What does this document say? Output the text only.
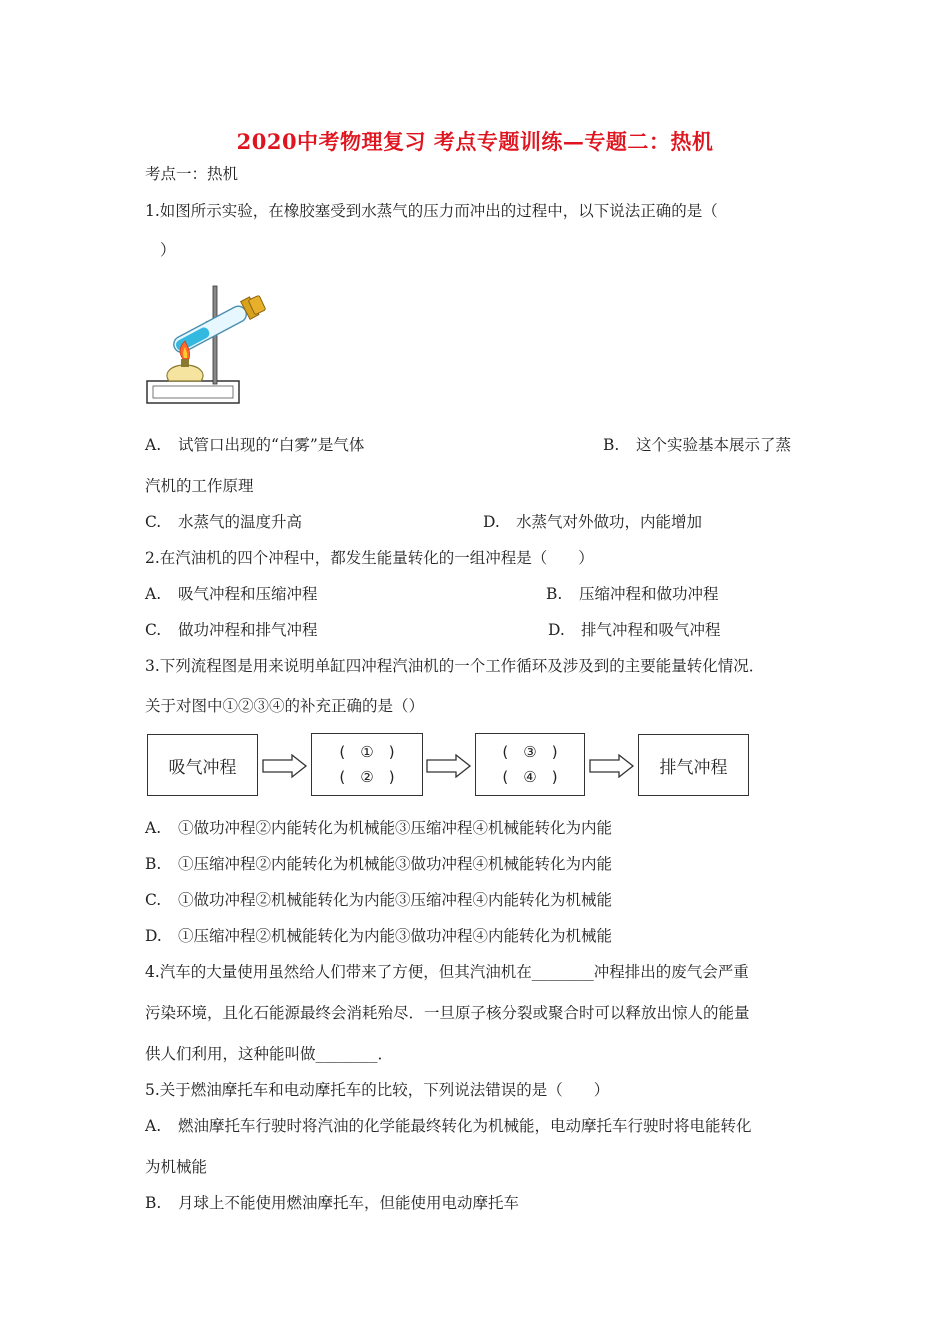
2020中考物理复习 考点专题训练—专题二：热机
考点一：热机
1.如图所示实验，在橡胶塞受到水蒸气的压力而冲出的过程中，以下说法正确的是（
）
A. 试管口出现的“白雾”是气体	B. 这个实验基本展示了蒸
汽机的工作原理
C. 水蒸气的温度升高	D. 水蒸气对外做功，内能增加
2.在汽油机的四个冲程中，都发生能量转化的一组冲程是（　　）
A. 吸气冲程和压缩冲程	B. 压缩冲程和做功冲程
C. 做功冲程和排气冲程	D. 排气冲程和吸气冲程
3.下列流程图是用来说明单缸四冲程汽油机的一个工作循环及涉及到的主要能量转化情况．
关于对图中①②③④的补充正确的是（）
吸气冲程
(　①　)
(　②　)
(　③　)
(　④　)	排气冲程
A. ①做功冲程②内能转化为机械能③压缩冲程④机械能转化为内能
B. ①压缩冲程②内能转化为机械能③做功冲程④机械能转化为内能
C. ①做功冲程②机械能转化为内能③压缩冲程④内能转化为机械能
D. ①压缩冲程②机械能转化为内能③做功冲程④内能转化为机械能
4.汽车的大量使用虽然给人们带来了方便，但其汽油机在________冲程排出的废气会严重
污染环境，且化石能源最终会消耗殆尽．一旦原子核分裂或聚合时可以释放出惊人的能量
供人们利用，这种能叫做________．
5.关于燃油摩托车和电动摩托车的比较，下列说法错误的是（　　）
A. 燃油摩托车行驶时将汽油的化学能最终转化为机械能，电动摩托车行驶时将电能转化
为机械能
B. 月球上不能使用燃油摩托车，但能使用电动摩托车
